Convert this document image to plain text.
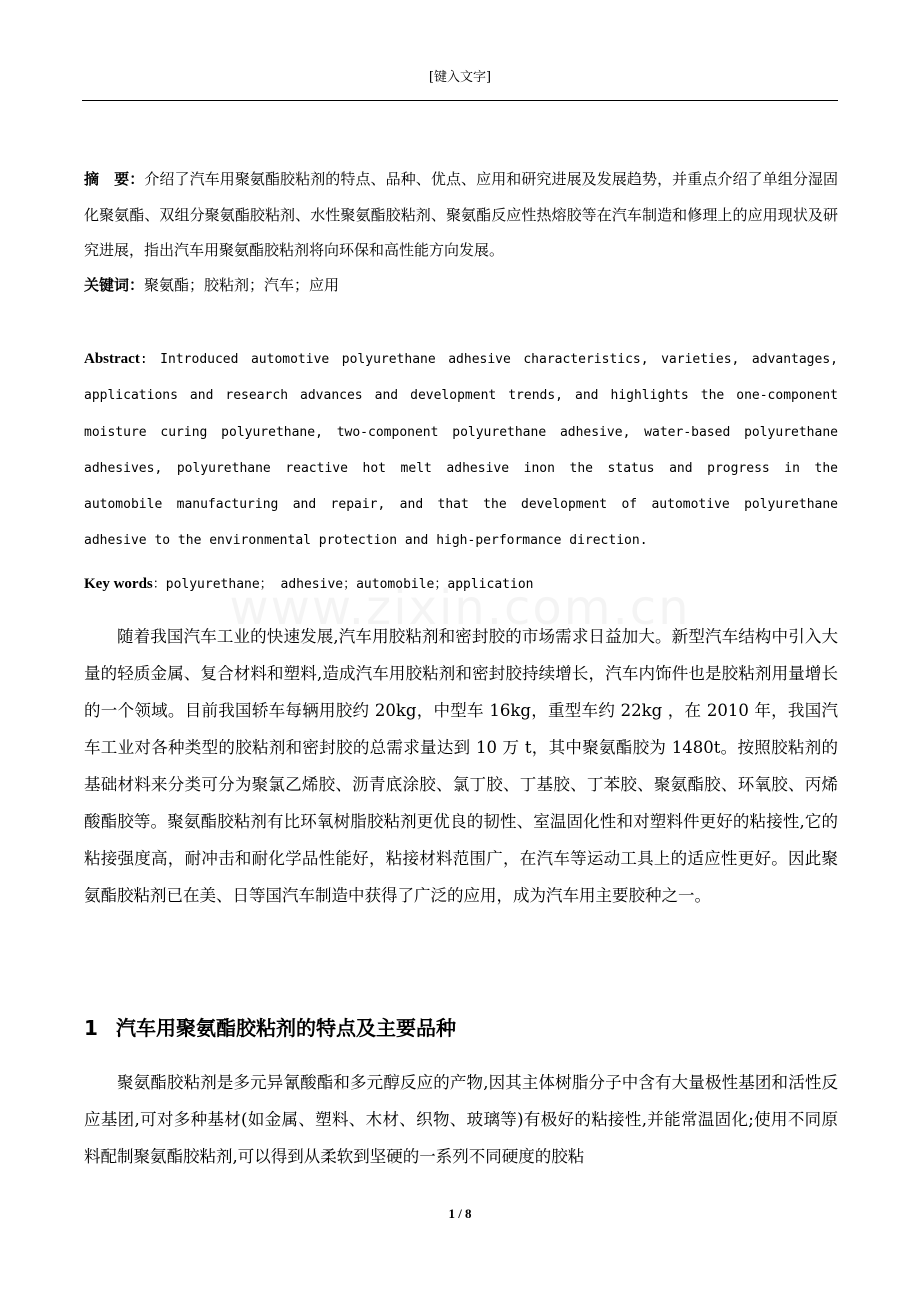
[键入文字]
摘　要：介绍了汽车用聚氨酯胶粘剂的特点、品种、优点、应用和研究进展及发展趋势，并重点介绍了单组分湿固化聚氨酯、双组分聚氨酯胶粘剂、水性聚氨酯胶粘剂、聚氨酯反应性热熔胶等在汽车制造和修理上的应用现状及研究进展，指出汽车用聚氨酯胶粘剂将向环保和高性能方向发展。
关键词：聚氨酯；胶粘剂；汽车；应用
Abstract: Introduced automotive polyurethane adhesive characteristics, varieties, advantages, applications and research advances and development trends, and highlights the one-component moisture curing polyurethane, two-component polyurethane adhesive, water-based polyurethane adhesives, polyurethane reactive hot melt adhesive inon the status and progress in the automobile manufacturing and repair, and that the development of automotive polyurethane adhesive to the environmental protection and high-performance direction.
Key words：polyurethane； adhesive；automobile；application
随着我国汽车工业的快速发展,汽车用胶粘剂和密封胶的市场需求日益加大。新型汽车结构中引入大量的轻质金属、复合材料和塑料,造成汽车用胶粘剂和密封胶持续增长，汽车内饰件也是胶粘剂用量增长的一个领域。目前我国轿车每辆用胶约 20kg，中型车 16kg，重型车约 22kg ，在 2010 年，我国汽车工业对各种类型的胶粘剂和密封胶的总需求量达到 10 万 t，其中聚氨酯胶为 1480t。按照胶粘剂的基础材料来分类可分为聚氯乙烯胶、沥青底涂胶、氯丁胶、丁基胶、丁苯胶、聚氨酯胶、环氧胶、丙烯酸酯胶等。聚氨酯胶粘剂有比环氧树脂胶粘剂更优良的韧性、室温固化性和对塑料件更好的粘接性,它的粘接强度高，耐冲击和耐化学品性能好，粘接材料范围广，在汽车等运动工具上的适应性更好。因此聚氨酯胶粘剂已在美、日等国汽车制造中获得了广泛的应用，成为汽车用主要胶种之一。
1 汽车用聚氨酯胶粘剂的特点及主要品种
聚氨酯胶粘剂是多元异氰酸酯和多元醇反应的产物,因其主体树脂分子中含有大量极性基团和活性反应基团,可对多种基材(如金属、塑料、木材、织物、玻璃等)有极好的粘接性,并能常温固化;使用不同原料配制聚氨酯胶粘剂,可以得到从柔软到坚硬的一系列不同硬度的胶粘
1 / 8
